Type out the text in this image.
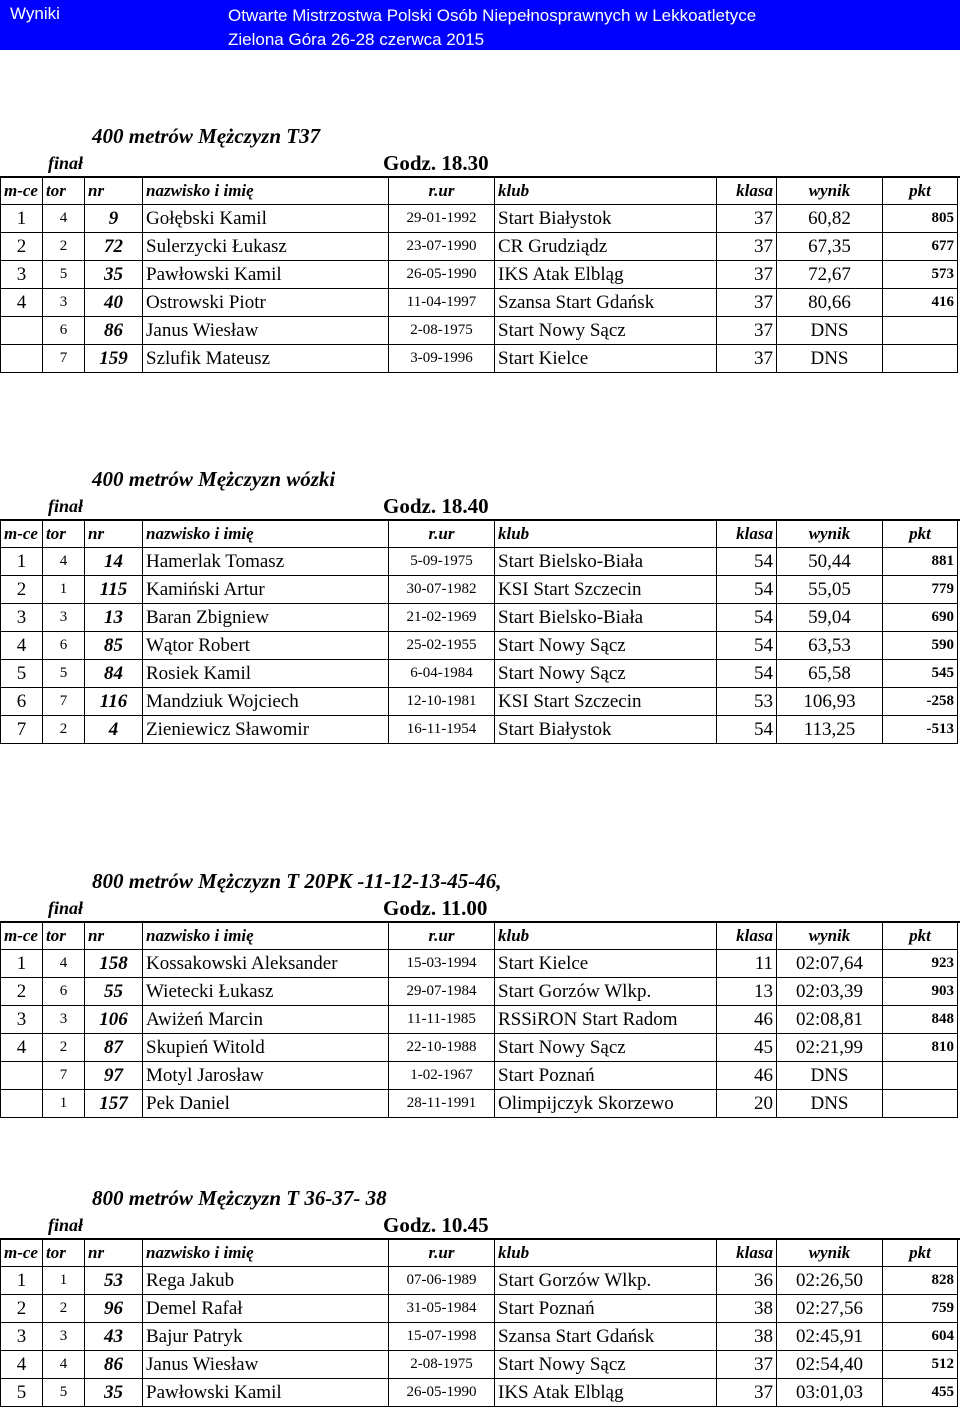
Wyniki	Otwarte Mistrzostwa Polski Osób Niepełnosprawnych w Lekkoatletyce
Zielona Góra 26-28 czerwca 2015
400 metrów Mężczyzn T37
finał	Godz. 18.30
m-ce	tor	nr	nazwisko i imię	r.ur	klub	klasa	wynik	pkt
1	4	9	Gołębski Kamil	29-01-1992	Start Białystok	37	60,82	805
2	2	72	Sulerzycki Łukasz	23-07-1990	CR Grudziądz	37	67,35	677
3	5	35	Pawłowski Kamil	26-05-1990	IKS Atak Elbląg	37	72,67	573
4	3	40	Ostrowski Piotr	11-04-1997	Szansa Start Gdańsk	37	80,66	416
	6	86	Janus Wiesław	2-08-1975	Start Nowy Sącz	37	DNS	
	7	159	Szlufik Mateusz	3-09-1996	Start Kielce	37	DNS	
400 metrów Mężczyzn wózki
finał	Godz. 18.40
m-ce	tor	nr	nazwisko i imię	r.ur	klub	klasa	wynik	pkt
1	4	14	Hamerlak Tomasz	5-09-1975	Start Bielsko-Biała	54	50,44	881
2	1	115	Kamiński Artur	30-07-1982	KSI Start Szczecin	54	55,05	779
3	3	13	Baran Zbigniew	21-02-1969	Start Bielsko-Biała	54	59,04	690
4	6	85	Wątor Robert	25-02-1955	Start Nowy Sącz	54	63,53	590
5	5	84	Rosiek Kamil	6-04-1984	Start Nowy Sącz	54	65,58	545
6	7	116	Mandziuk Wojciech	12-10-1981	KSI Start Szczecin	53	106,93	-258
7	2	4	Zieniewicz Sławomir	16-11-1954	Start Białystok	54	113,25	-513
800 metrów Mężczyzn T 20PK -11-12-13-45-46,
finał	Godz. 11.00
m-ce	tor	nr	nazwisko i imię	r.ur	klub	klasa	wynik	pkt
1	4	158	Kossakowski Aleksander	15-03-1994	Start Kielce	11	02:07,64	923
2	6	55	Wietecki Łukasz	29-07-1984	Start Gorzów Wlkp.	13	02:03,39	903
3	3	106	Awiżeń Marcin	11-11-1985	RSSiRON Start Radom	46	02:08,81	848
4	2	87	Skupień Witold	22-10-1988	Start Nowy Sącz	45	02:21,99	810
	7	97	Motyl Jarosław	1-02-1967	Start Poznań	46	DNS	
	1	157	Pek Daniel	28-11-1991	Olimpijczyk Skorzewo	20	DNS	
800 metrów Mężczyzn T 36-37- 38
finał	Godz. 10.45
m-ce	tor	nr	nazwisko i imię	r.ur	klub	klasa	wynik	pkt
1	1	53	Rega Jakub	07-06-1989	Start Gorzów Wlkp.	36	02:26,50	828
2	2	96	Demel Rafał	31-05-1984	Start Poznań	38	02:27,56	759
3	3	43	Bajur Patryk	15-07-1998	Szansa Start Gdańsk	38	02:45,91	604
4	4	86	Janus Wiesław	2-08-1975	Start Nowy Sącz	37	02:54,40	512
5	5	35	Pawłowski Kamil	26-05-1990	IKS Atak Elbląg	37	03:01,03	455
